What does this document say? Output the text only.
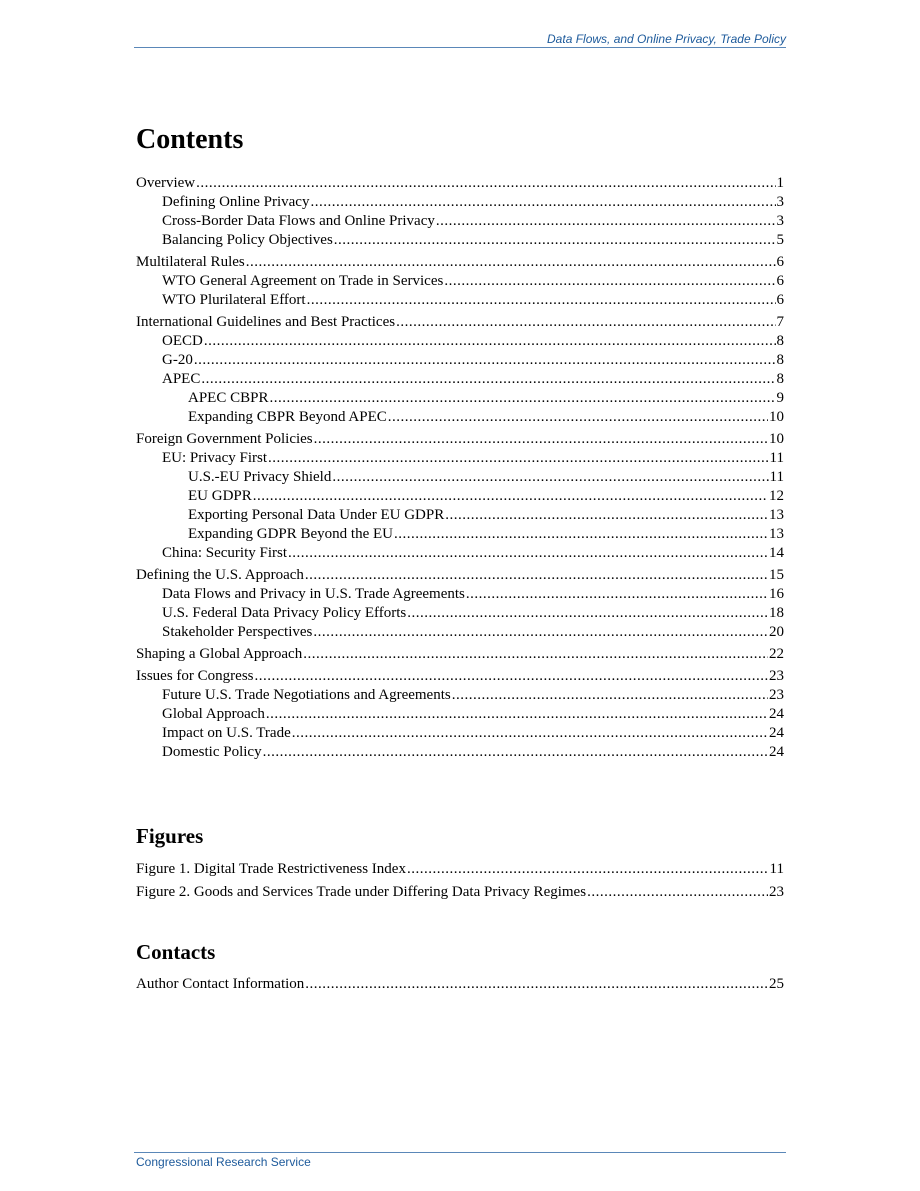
Data Flows, and Online Privacy, Trade Policy
Contents
Overview .....	1
Defining Online Privacy .....	3
Cross-Border Data Flows and Online Privacy .....	3
Balancing Policy Objectives .....	5
Multilateral Rules .....	6
WTO General Agreement on Trade in Services .....	6
WTO Plurilateral Effort .....	6
International Guidelines and Best Practices .....	7
OECD .....	8
G-20 .....	8
APEC .....	8
APEC CBPR .....	9
Expanding CBPR Beyond APEC .....	10
Foreign Government Policies .....	10
EU: Privacy First .....	11
U.S.-EU Privacy Shield .....	11
EU GDPR .....	12
Exporting Personal Data Under EU GDPR .....	13
Expanding GDPR Beyond the EU .....	13
China: Security First .....	14
Defining the U.S. Approach .....	15
Data Flows and Privacy in U.S. Trade Agreements .....	16
U.S. Federal Data Privacy Policy Efforts .....	18
Stakeholder Perspectives .....	20
Shaping a Global Approach .....	22
Issues for Congress .....	23
Future U.S. Trade Negotiations and Agreements .....	23
Global Approach .....	24
Impact on U.S. Trade .....	24
Domestic Policy .....	24
Figures
Figure 1. Digital Trade Restrictiveness Index .....	11
Figure 2. Goods and Services Trade under Differing Data Privacy Regimes .....	23
Contacts
Author Contact Information .....	25
Congressional Research Service
